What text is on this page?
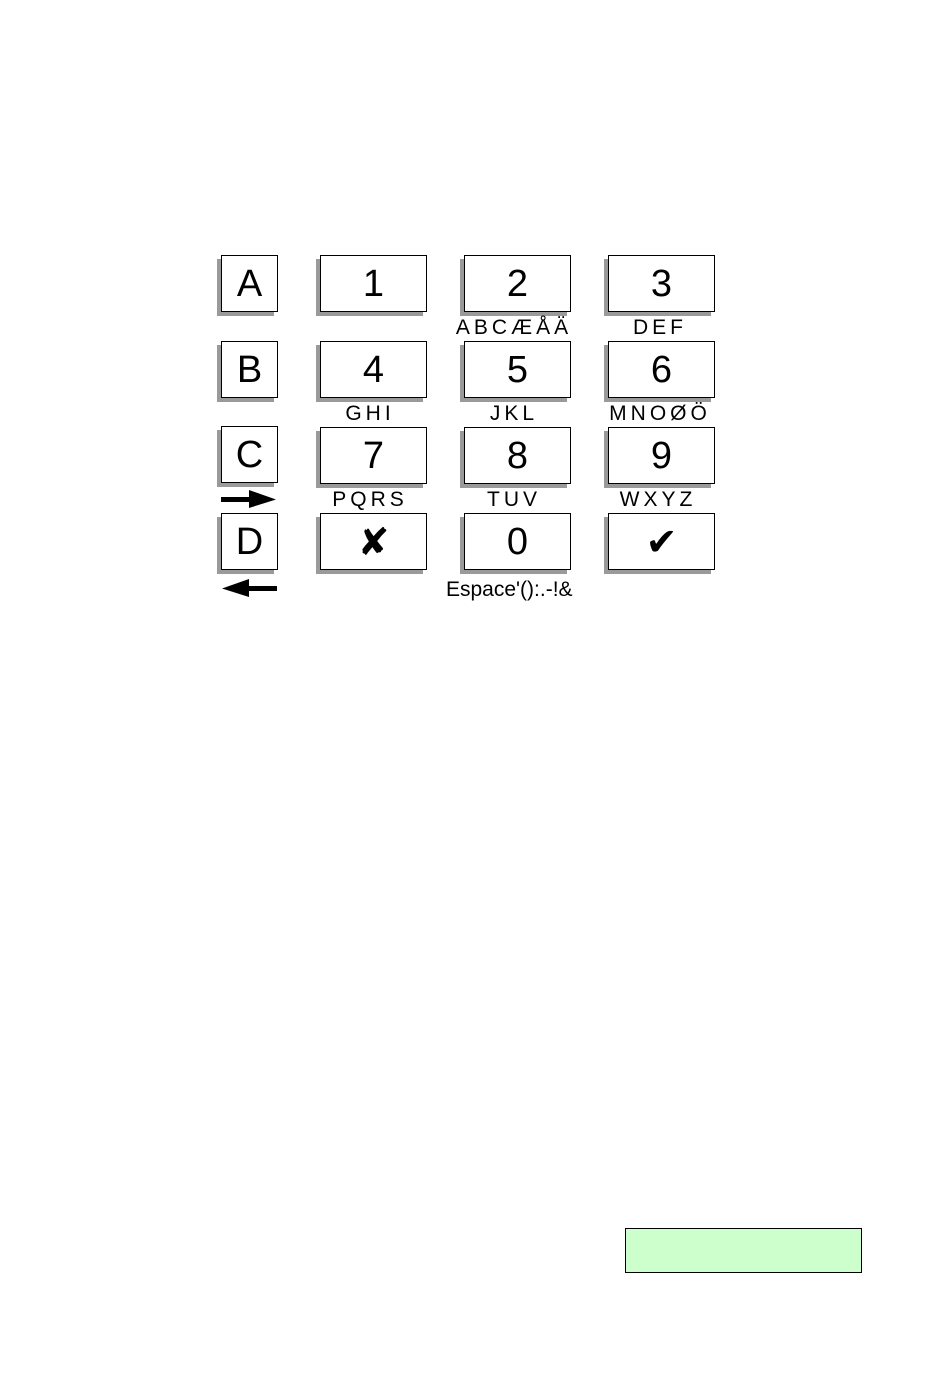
A
B
C
D
1	2	3
ABCÆÅÄ	DEF
4	5	6
GHI	JKL	MNOØÖ
7	8	9
PQRS	TUV	WXYZ
✘	0	✔
Espace'():.-!&
